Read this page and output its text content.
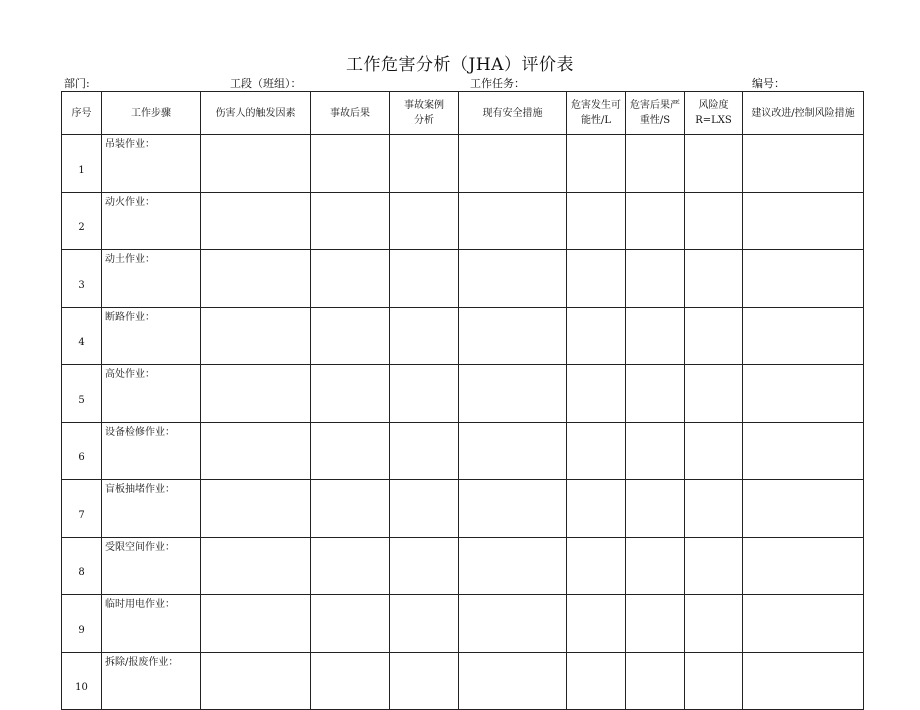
工作危害分析（JHA）评价表
部门:	工段（班组）：	工作任务：	编号：
序号	工作步骤	伤害人的触发因素	事故后果	事故案例分析	现有安全措施	危害发生可能性/L	危害后果严重性/S	风险度R=LXS	建议改进/控制风险措施
1	吊装作业：								
2	动火作业：								
3	动土作业：								
4	断路作业：								
5	高处作业：								
6	设备检修作业：								
7	盲板抽堵作业：								
8	受限空间作业：								
9	临时用电作业：								
10	拆除/报废作业：								
